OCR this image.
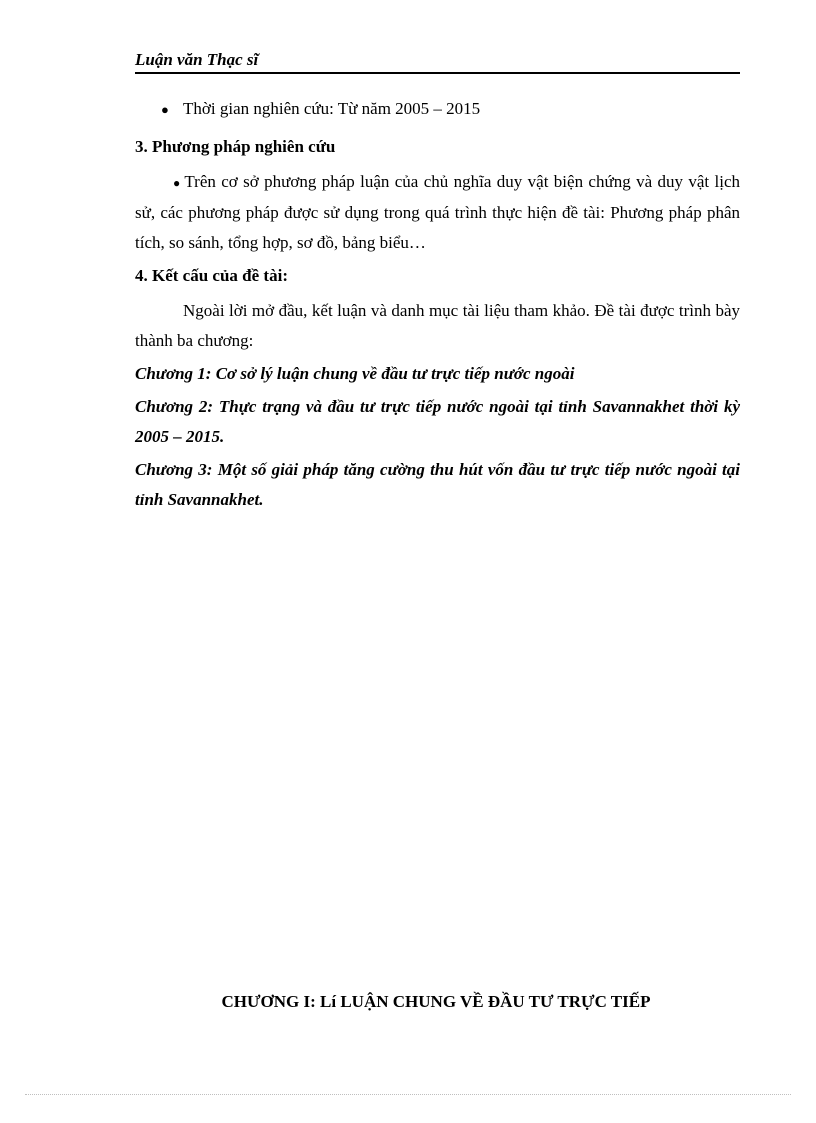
Luận văn Thạc sĩ
● Thời gian nghiên cứu: Từ năm 2005 – 2015
3. Phương pháp nghiên cứu

● Trên cơ sở phương pháp luận của chủ nghĩa duy vật biện chứng và duy vật lịch sử, các phương pháp được sử dụng trong quá trình thực hiện đề tài: Phương pháp phân tích, so sánh, tổng hợp, sơ đồ, bảng biểu…

4. Kết cấu của đề tài:

Ngoài lời mở đầu, kết luận và danh mục tài liệu tham khảo. Đề tài được trình bày thành ba chương:

Chương 1: Cơ sở lý luận chung về đầu tư trực tiếp nước ngoài

Chương 2: Thực trạng và đầu tư trực tiếp nước ngoài tại tỉnh Savannakhet thời kỳ 2005 – 2015.

Chương 3: Một số giải pháp tăng cường thu hút vốn đầu tư trực tiếp nước ngoài tại tỉnh Savannakhet.

CHƯƠNG I: Lí LUẬN CHUNG VỀ ĐẦU TƯ TRỰC TIẾP
